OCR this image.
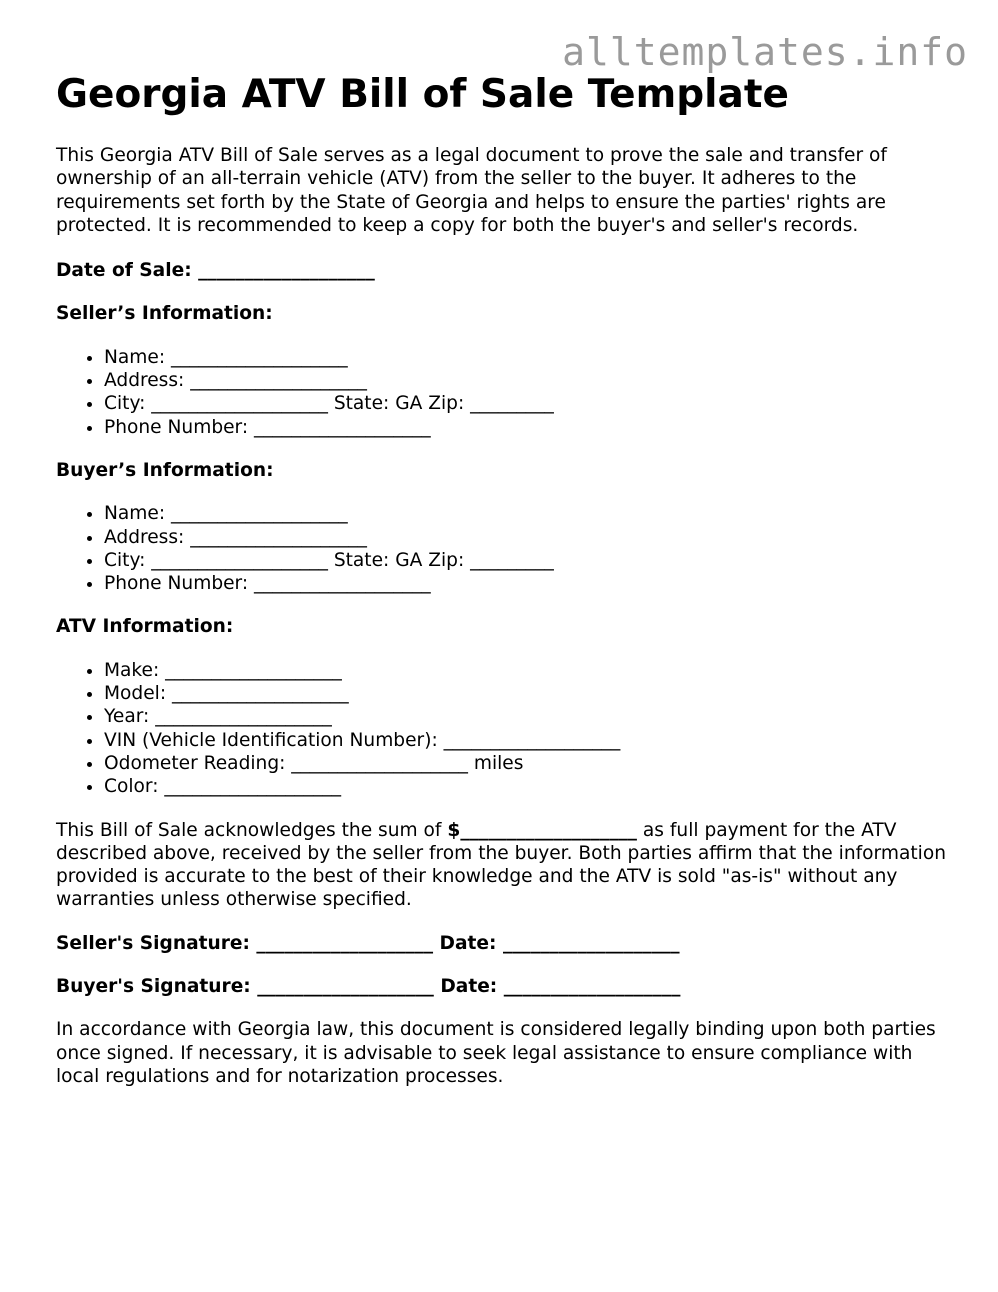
alltemplates.info
Georgia ATV Bill of Sale Template

This Georgia ATV Bill of Sale serves as a legal document to prove the sale and transfer of ownership of an all-terrain vehicle (ATV) from the seller to the buyer. It adheres to the requirements set forth by the State of Georgia and helps to ensure the parties' rights are protected. It is recommended to keep a copy for both the buyer's and seller's records.

Date of Sale: ___________________
Seller’s Information:
• Name: ___________________
• Address: ___________________
• City: ___________________ State: GA Zip: _________
• Phone Number: ___________________
Buyer’s Information:
• Name: ___________________
• Address: ___________________
• City: ___________________ State: GA Zip: _________
• Phone Number: ___________________
ATV Information:
• Make: ___________________
• Model: ___________________
• Year: ___________________
• VIN (Vehicle Identification Number): ___________________
• Odometer Reading: ___________________ miles
• Color: ___________________

This Bill of Sale acknowledges the sum of $___________________ as full payment for the ATV described above, received by the seller from the buyer. Both parties affirm that the information provided is accurate to the best of their knowledge and the ATV is sold "as-is" without any warranties unless otherwise specified.

Seller's Signature: ___________________ Date: ___________________
Buyer's Signature: ___________________ Date: ___________________

In accordance with Georgia law, this document is considered legally binding upon both parties once signed. If necessary, it is advisable to seek legal assistance to ensure compliance with local regulations and for notarization processes.
